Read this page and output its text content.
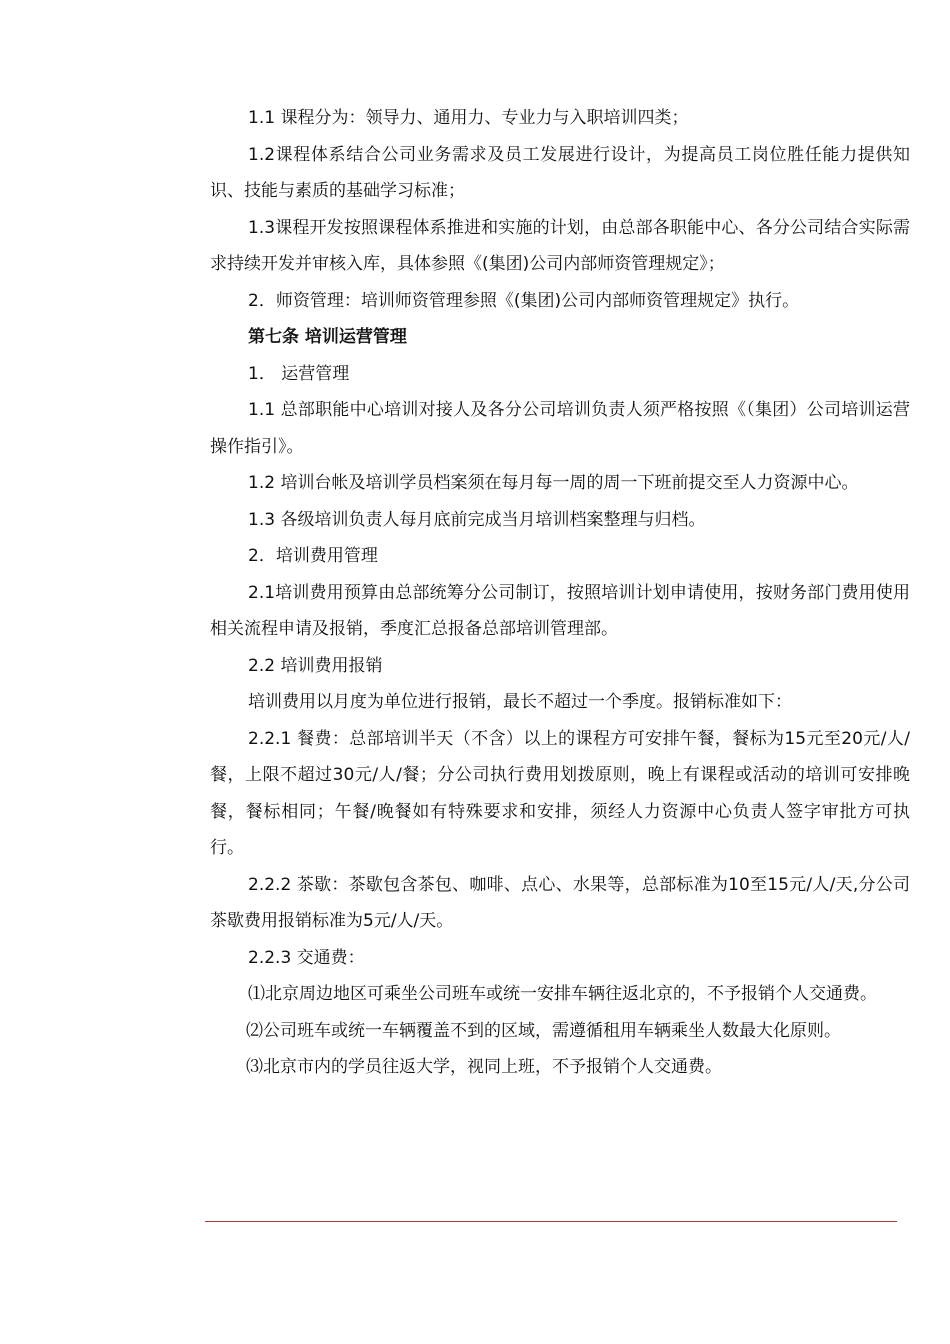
1.1 课程分为：领导力、通用力、专业力与入职培训四类；

1.2课程体系结合公司业务需求及员工发展进行设计，为提高员工岗位胜任能力提供知识、技能与素质的基础学习标准；

1.3课程开发按照课程体系推进和实施的计划，由总部各职能中心、各分公司结合实际需求持续开发并审核入库，具体参照《(集团)公司内部师资管理规定》；

2．师资管理：培训师资管理参照《(集团)公司内部师资管理规定》执行。

第七条 培训运营管理

1． 运营管理

1.1 总部职能中心培训对接人及各分公司培训负责人须严格按照《（集团）公司培训运营操作指引》。

1.2 培训台帐及培训学员档案须在每月每一周的周一下班前提交至人力资源中心。

1.3 各级培训负责人每月底前完成当月培训档案整理与归档。

2．培训费用管理

2.1培训费用预算由总部统筹分公司制订，按照培训计划申请使用，按财务部门费用使用相关流程申请及报销，季度汇总报备总部培训管理部。

2.2 培训费用报销

培训费用以月度为单位进行报销，最长不超过一个季度。报销标准如下：

2.2.1 餐费：总部培训半天（不含）以上的课程方可安排午餐，餐标为15元至20元/人/餐，上限不超过30元/人/餐；分公司执行费用划拨原则，晚上有课程或活动的培训可安排晚餐，餐标相同；午餐/晚餐如有特殊要求和安排，须经人力资源中心负责人签字审批方可执行。

2.2.2 茶歇：茶歇包含茶包、咖啡、点心、水果等，总部标准为10至15元/人/天,分公司茶歇费用报销标准为5元/人/天。

2.2.3 交通费：

⑴北京周边地区可乘坐公司班车或统一安排车辆往返北京的，不予报销个人交通费。

⑵公司班车或统一车辆覆盖不到的区域，需遵循租用车辆乘坐人数最大化原则。

⑶北京市内的学员往返大学，视同上班，不予报销个人交通费。
